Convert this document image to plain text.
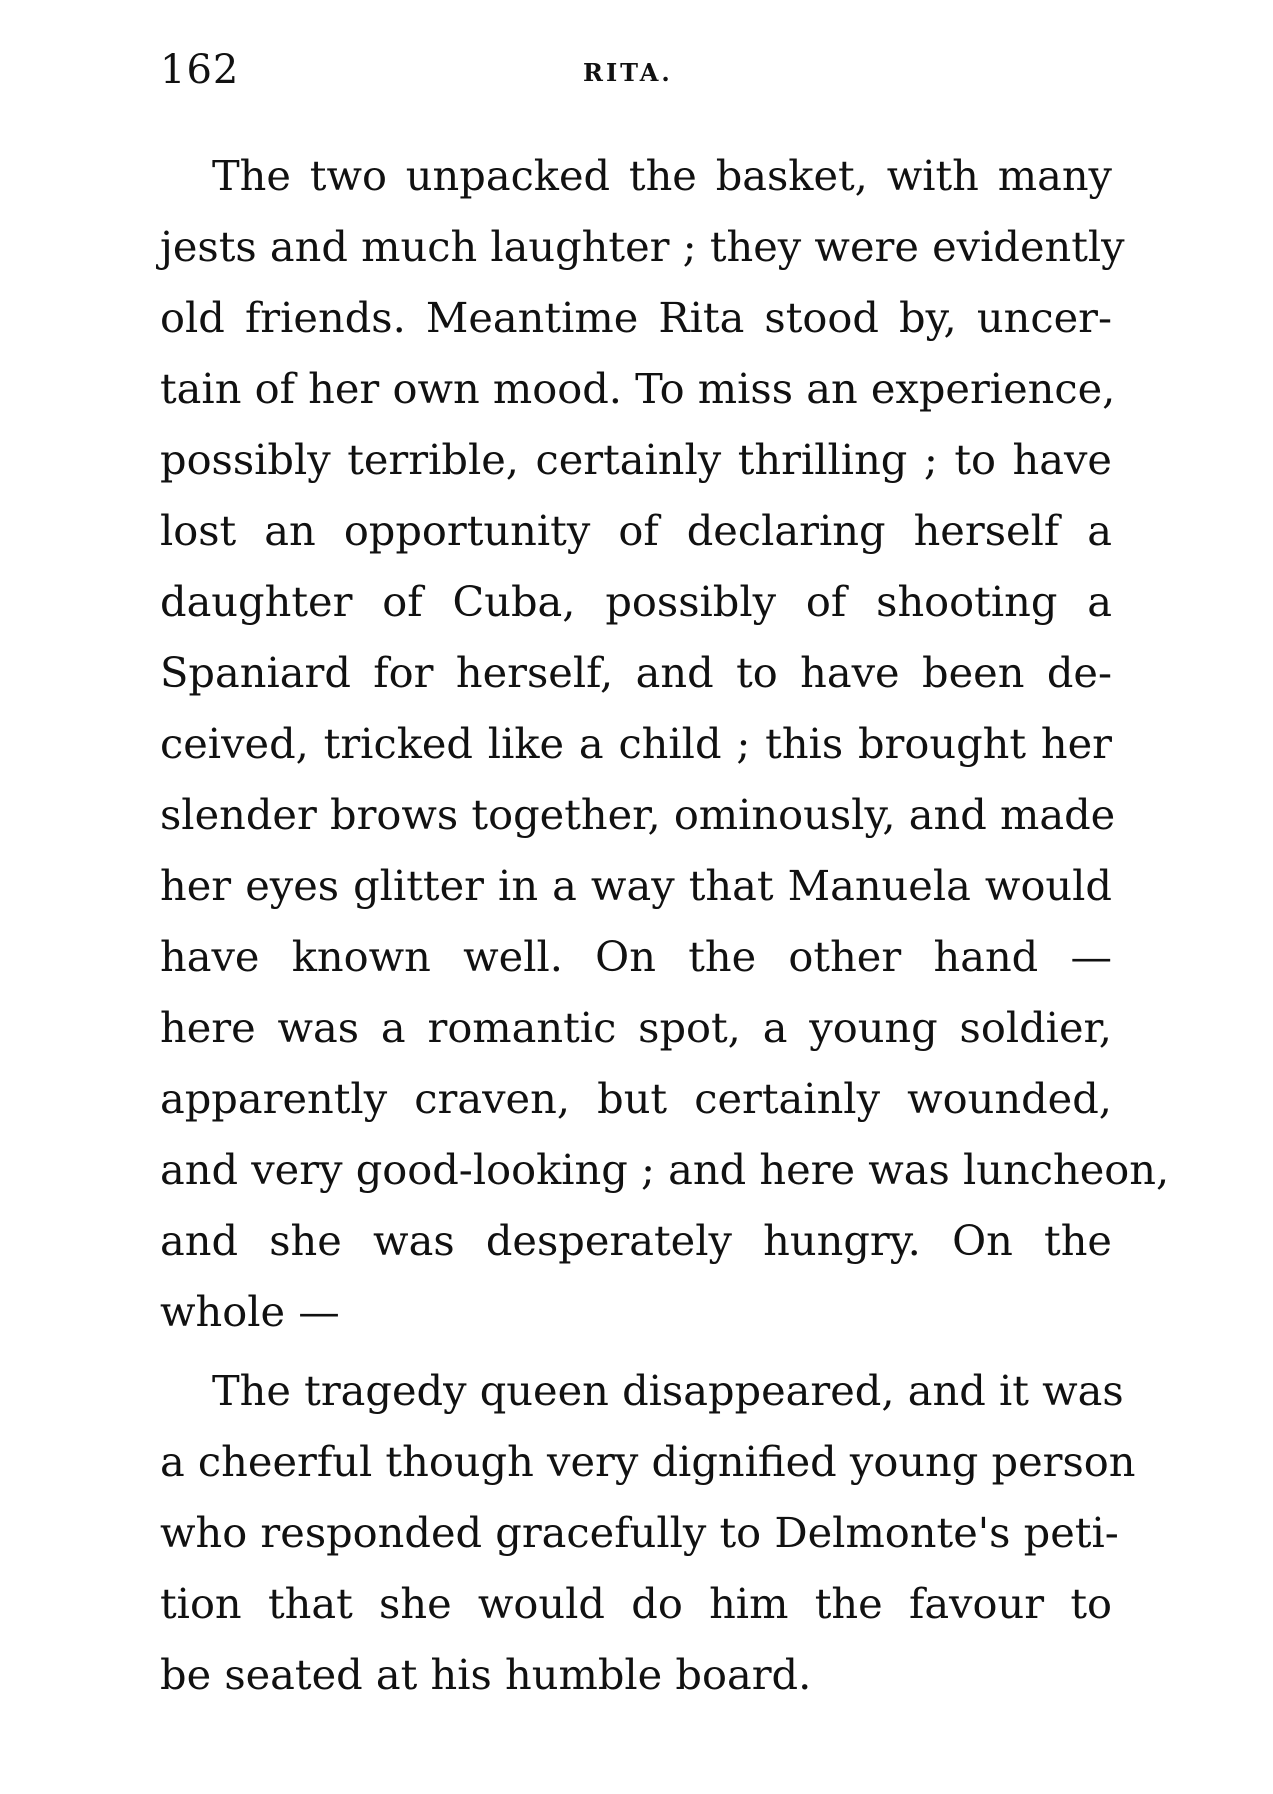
162	RITA.
The two unpacked the basket, with many
jests and much laughter ; they were evidently
old friends. Meantime Rita stood by, uncer-
tain of her own mood. To miss an experience,
possibly terrible, certainly thrilling ; to have
lost an opportunity of declaring herself a
daughter of Cuba, possibly of shooting a
Spaniard for herself, and to have been de-
ceived, tricked like a child ; this brought her
slender brows together, ominously, and made
her eyes glitter in a way that Manuela would
have known well. On the other hand —
here was a romantic spot, a young soldier,
apparently craven, but certainly wounded,
and very good-looking ; and here was luncheon,
and she was desperately hungry. On the
whole —
The tragedy queen disappeared, and it was
a cheerful though very dignified young person
who responded gracefully to Delmonte's peti-
tion that she would do him the favour to
be seated at his humble board.
